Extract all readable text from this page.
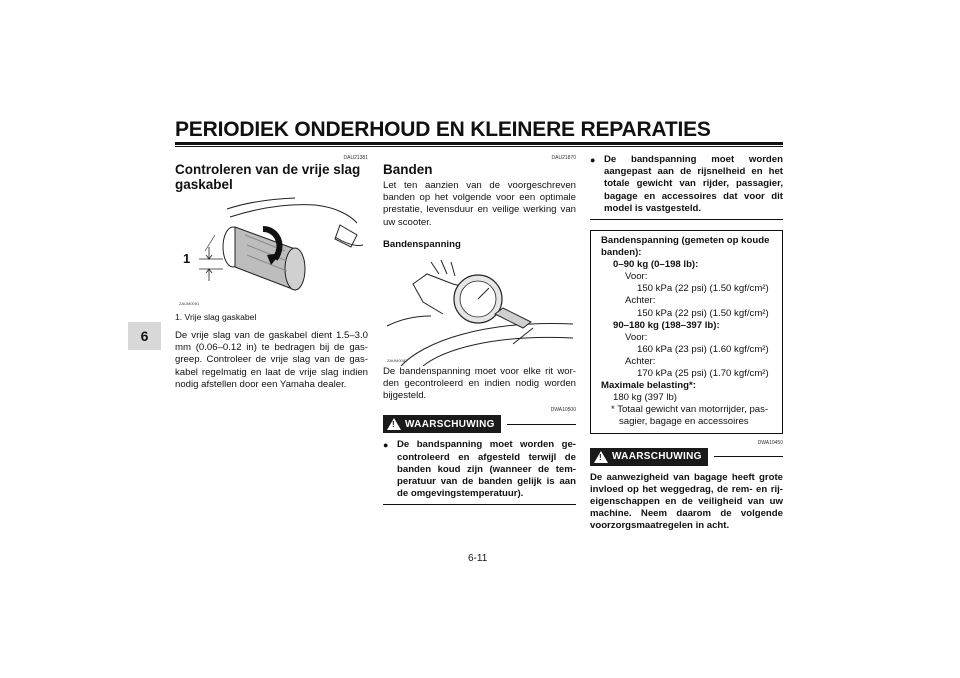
PERIODIEK ONDERHOUD EN KLEINERE REPARATIES
6
DAU21381
Controleren van de vrije slag gaskabel
ZAUM0051
1
1. Vrije slag gaskabel

De vrije slag van de gaskabel dient 1.5–3.0 mm (0.06–0.12 in) te bedragen bij de gasgreep. Controleer de vrije slag van de gaskabel regelmatig en laat de vrije slag indien nodig afstellen door een Yamaha dealer.

DAU21870
Banden

Let ten aanzien van de voorgeschreven banden op het volgende voor een optimale prestatie, levensduur en veilige werking van uw scooter.

Bandenspanning
ZAUM0082

De bandenspanning moet voor elke rit worden gecontroleerd en indien nodig worden bijgesteld.

DWA10500
! WAARSCHUWING
● De bandspanning moet worden gecontroleerd en afgesteld terwijl de banden koud zijn (wanneer de temperatuur van de banden gelijk is aan de omgevingstemperatuur).
● De bandspanning moet worden aangepast aan de rijsnelheid en het totale gewicht van rijder, passagier, bagage en accessoires dat voor dit model is vastgesteld.
Bandenspanning (gemeten op koude banden):
0–90 kg (0–198 lb):
Voor:
150 kPa (22 psi) (1.50 kgf/cm²)
Achter:
150 kPa (22 psi) (1.50 kgf/cm²)
90–180 kg (198–397 lb):
Voor:
160 kPa (23 psi) (1.60 kgf/cm²)
Achter:
170 kPa (25 psi) (1.70 kgf/cm²)
Maximale belasting*:
180 kg (397 lb)
* Totaal gewicht van motorrijder, passagier, bagage en accessoires
DWA10450
! WAARSCHUWING

De aanwezigheid van bagage heeft grote invloed op het weggedrag, de rem- en rijeigenschappen en de veiligheid van uw machine. Neem daarom de volgende voorzorgsmaatregelen in acht.

6-11
